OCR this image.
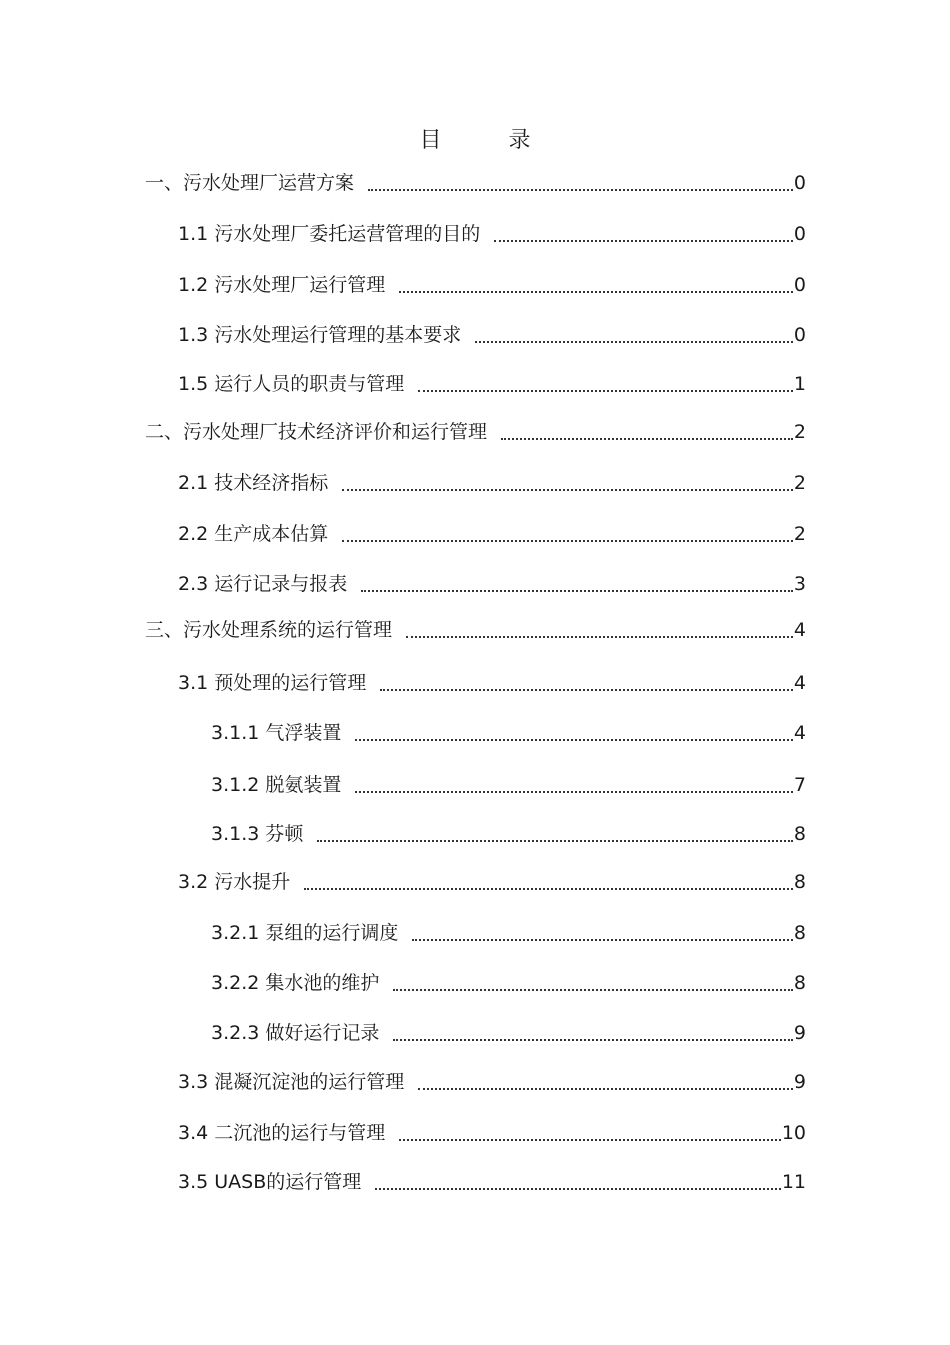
目 录
一、污水处理厂运营方案	0
1.1 污水处理厂委托运营管理的目的	0
1.2 污水处理厂运行管理	0
1.3 污水处理运行管理的基本要求	0
1.5 运行人员的职责与管理	1
二、污水处理厂技术经济评价和运行管理	2
2.1 技术经济指标	2
2.2 生产成本估算	2
2.3 运行记录与报表	3
三、污水处理系统的运行管理	4
3.1 预处理的运行管理	4
3.1.1 气浮装置	4
3.1.2 脱氨装置	7
3.1.3 芬顿	8
3.2 污水提升	8
3.2.1 泵组的运行调度	8
3.2.2 集水池的维护	8
3.2.3 做好运行记录	9
3.3 混凝沉淀池的运行管理	9
3.4 二沉池的运行与管理	10
3.5 UASB的运行管理	11
